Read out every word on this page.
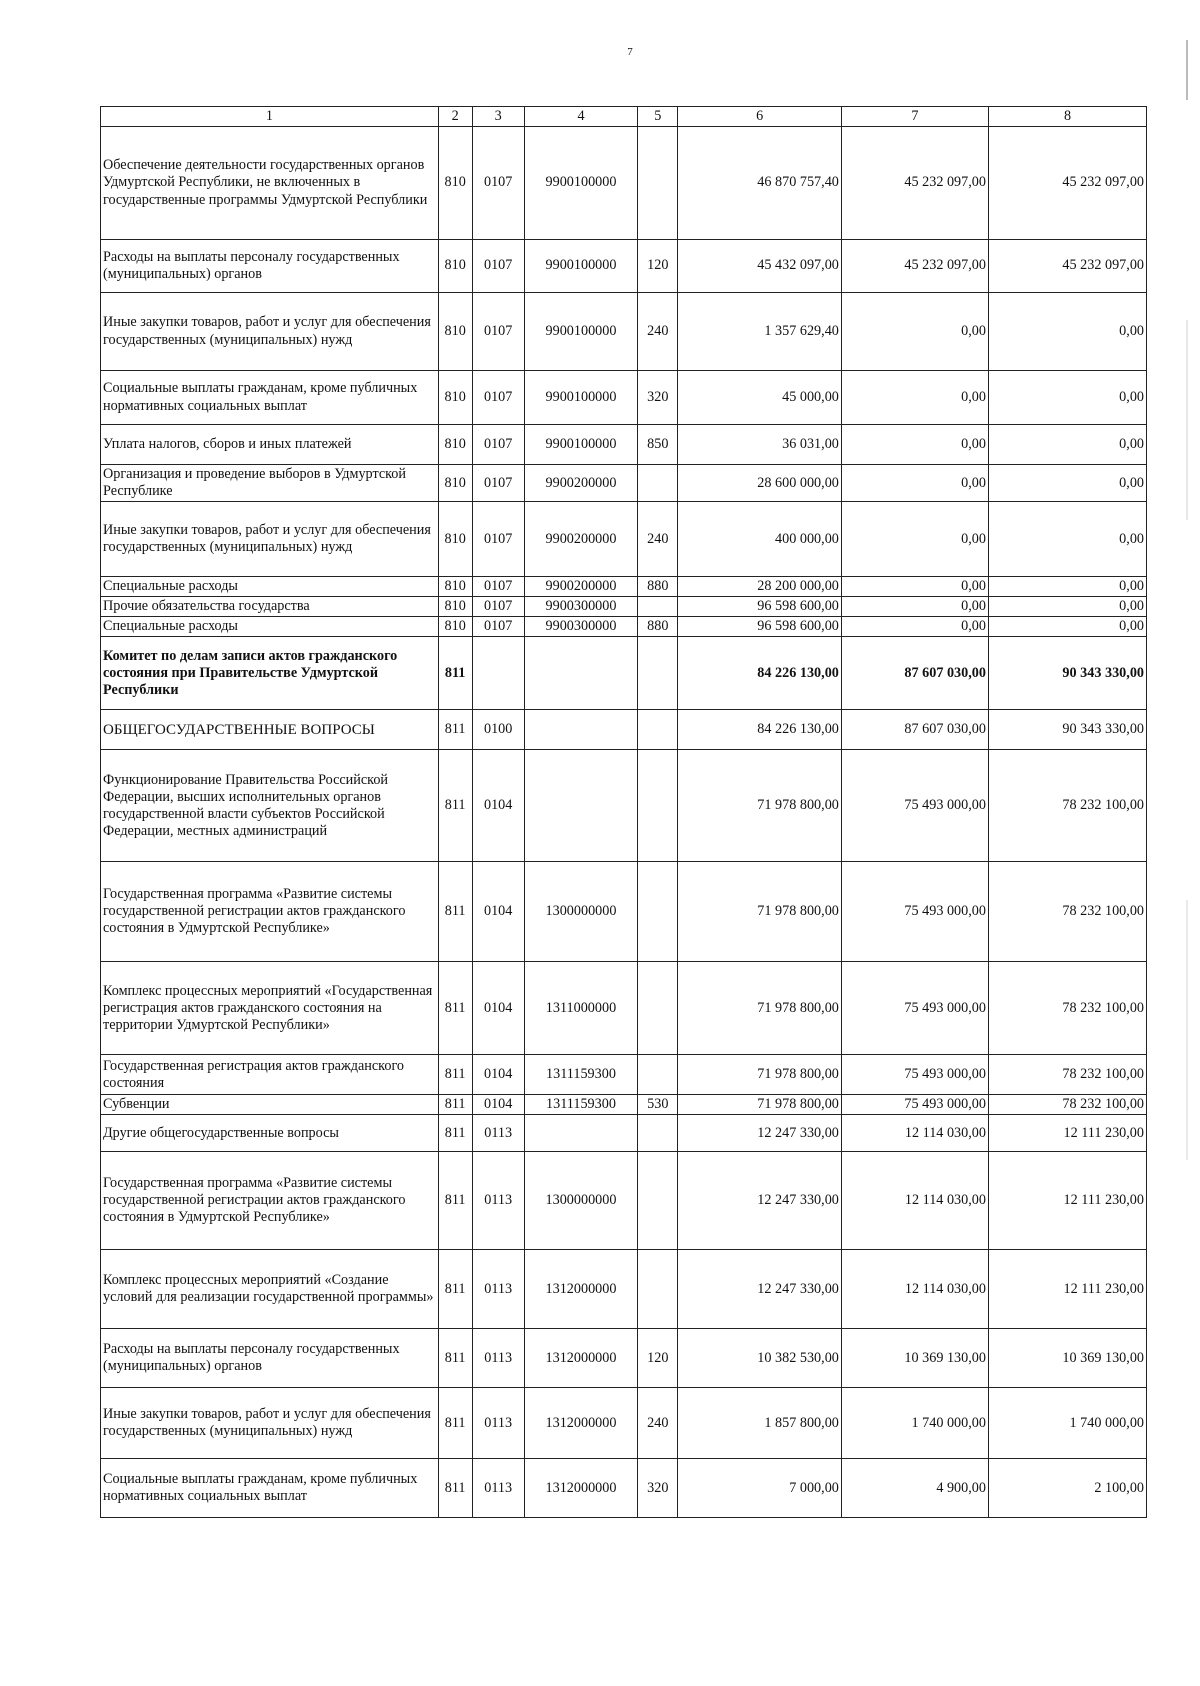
7
1	2	3	4	5	6	7	8
Обеспечение деятельности государственных органов Удмуртской Республики, не включенных в государственные программы Удмуртской Республики	810	0107	9900100000		46 870 757,40	45 232 097,00	45 232 097,00
Расходы на выплаты персоналу государственных (муниципальных) органов	810	0107	9900100000	120	45 432 097,00	45 232 097,00	45 232 097,00
Иные закупки товаров, работ и услуг для обеспечения государственных (муниципальных) нужд	810	0107	9900100000	240	1 357 629,40	0,00	0,00
Социальные выплаты гражданам, кроме публичных нормативных социальных выплат	810	0107	9900100000	320	45 000,00	0,00	0,00
Уплата налогов, сборов и иных платежей	810	0107	9900100000	850	36 031,00	0,00	0,00
Организация и проведение выборов в Удмуртской Республике	810	0107	9900200000		28 600 000,00	0,00	0,00
Иные закупки товаров, работ и услуг для обеспечения государственных (муниципальных) нужд	810	0107	9900200000	240	400 000,00	0,00	0,00
Специальные расходы	810	0107	9900200000	880	28 200 000,00	0,00	0,00
Прочие обязательства государства	810	0107	9900300000		96 598 600,00	0,00	0,00
Специальные расходы	810	0107	9900300000	880	96 598 600,00	0,00	0,00
Комитет по делам записи актов гражданского состояния при Правительстве Удмуртской Республики	811				84 226 130,00	87 607 030,00	90 343 330,00
ОБЩЕГОСУДАРСТВЕННЫЕ ВОПРОСЫ	811	0100			84 226 130,00	87 607 030,00	90 343 330,00
Функционирование Правительства Российской Федерации, высших исполнительных органов государственной власти субъектов Российской Федерации, местных администраций	811	0104			71 978 800,00	75 493 000,00	78 232 100,00
Государственная программа «Развитие системы государственной регистрации актов гражданского состояния в Удмуртской Республике»	811	0104	1300000000		71 978 800,00	75 493 000,00	78 232 100,00
Комплекс процессных мероприятий «Государственная регистрация актов гражданского состояния на территории Удмуртской Республики»	811	0104	1311000000		71 978 800,00	75 493 000,00	78 232 100,00
Государственная регистрация актов гражданского состояния	811	0104	1311159300		71 978 800,00	75 493 000,00	78 232 100,00
Субвенции	811	0104	1311159300	530	71 978 800,00	75 493 000,00	78 232 100,00
Другие общегосударственные вопросы	811	0113			12 247 330,00	12 114 030,00	12 111 230,00
Государственная программа «Развитие системы государственной регистрации актов гражданского состояния в Удмуртской Республике»	811	0113	1300000000		12 247 330,00	12 114 030,00	12 111 230,00
Комплекс процессных мероприятий «Создание условий для реализации государственной программы»	811	0113	1312000000		12 247 330,00	12 114 030,00	12 111 230,00
Расходы на выплаты персоналу государственных (муниципальных) органов	811	0113	1312000000	120	10 382 530,00	10 369 130,00	10 369 130,00
Иные закупки товаров, работ и услуг для обеспечения государственных (муниципальных) нужд	811	0113	1312000000	240	1 857 800,00	1 740 000,00	1 740 000,00
Социальные выплаты гражданам, кроме публичных нормативных социальных выплат	811	0113	1312000000	320	7 000,00	4 900,00	2 100,00
